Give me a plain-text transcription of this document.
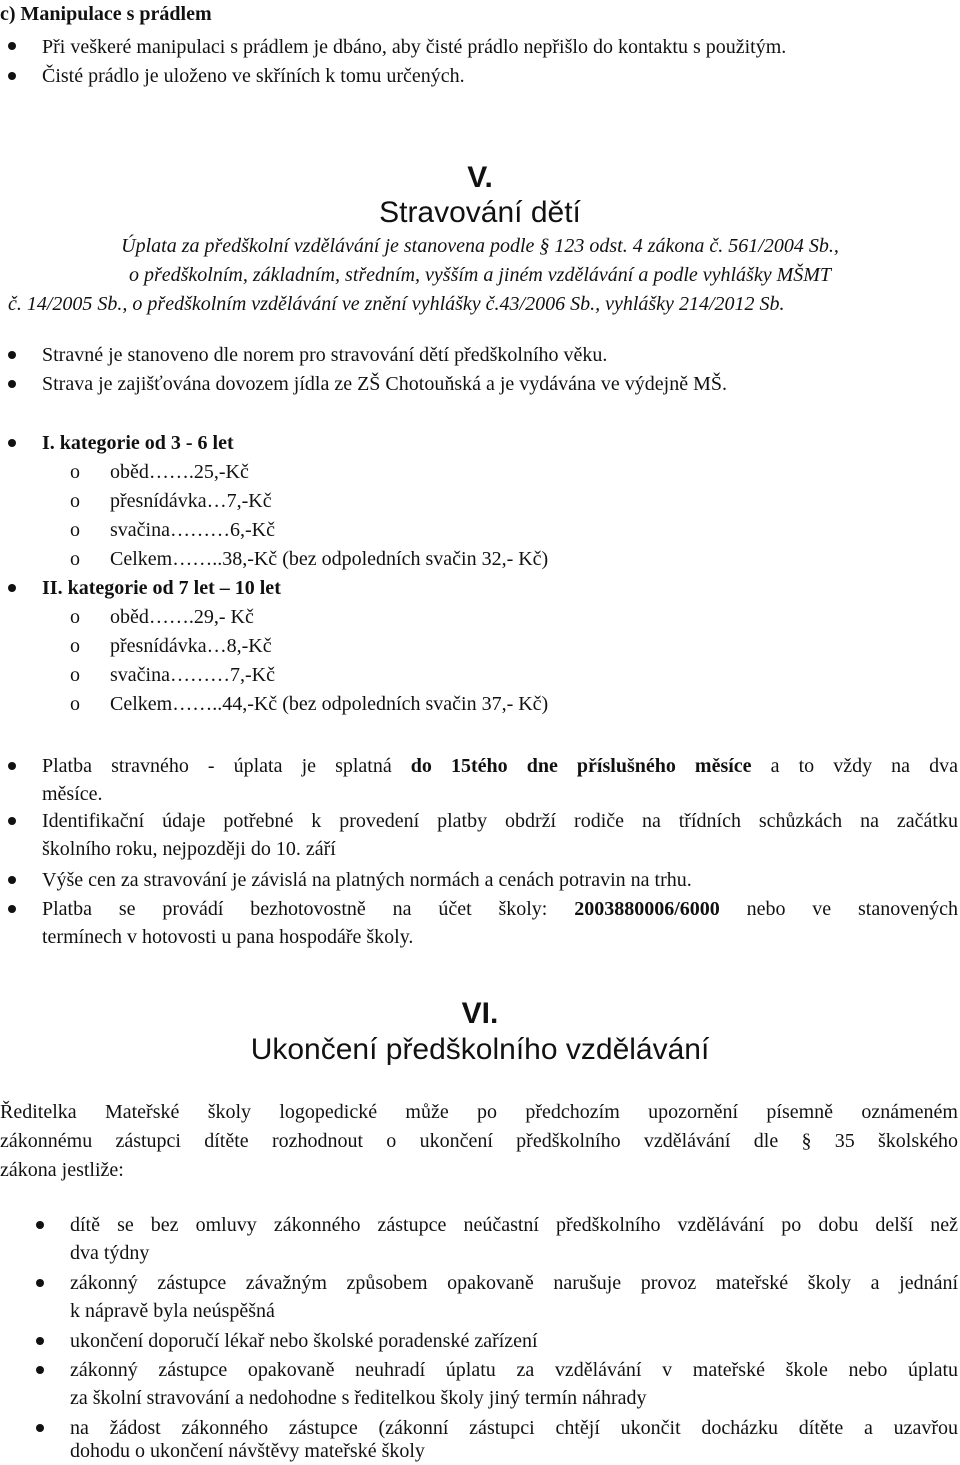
c) Manipulace s prádlem
Při veškeré manipulaci s prádlem je dbáno, aby čisté prádlo nepřišlo do kontaktu s použitým.
Čisté prádlo je uloženo ve skříních k tomu určených.
V.
Stravování dětí
Úplata za předškolní vzdělávání je stanovena podle § 123 odst. 4 zákona č. 561/2004 Sb.,
o předškolním, základním, středním, vyšším a jiném vzdělávání a podle vyhlášky MŠMT
č. 14/2005 Sb., o předškolním vzdělávání ve znění vyhlášky č.43/2006 Sb., vyhlášky 214/2012 Sb.
Stravné je stanoveno dle norem pro stravování dětí předškolního věku.
Strava je zajišťována dovozem jídla ze ZŠ Chotouňská a je vydávána ve výdejně MŠ.
I. kategorie od 3 - 6 let
o oběd…….25,-Kč
o přesnídávka…7,-Kč
o svačina………6,-Kč
o Celkem……..38,-Kč (bez odpoledních svačin 32,- Kč)
II. kategorie od 7 let – 10 let
o oběd…….29,- Kč
o přesnídávka…8,-Kč
o svačina………7,-Kč
o Celkem……..44,-Kč (bez odpoledních svačin 37,- Kč)
Platba stravného - úplata je splatná do 15tého dne příslušného měsíce a to vždy na dva
měsíce.
Identifikační údaje potřebné k provedení platby obdrží rodiče na třídních schůzkách na začátku
školního roku, nejpozději do 10. září
Výše cen za stravování je závislá na platných normách a cenách potravin na trhu.
Platba se provádí bezhotovostně na účet školy: 2003880006/6000 nebo ve stanovených
termínech v hotovosti u pana hospodáře školy.
VI.
Ukončení předškolního vzdělávání
Ředitelka Mateřské školy logopedické může po předchozím upozornění písemně oznámeném
zákonnému zástupci dítěte rozhodnout o ukončení předškolního vzdělávání dle § 35 školského
zákona jestliže:
dítě se bez omluvy zákonného zástupce neúčastní předškolního vzdělávání po dobu delší než
dva týdny
zákonný zástupce závažným způsobem opakovaně narušuje provoz mateřské školy a jednání
k nápravě byla neúspěšná
ukončení doporučí lékař nebo školské poradenské zařízení
zákonný zástupce opakovaně neuhradí úplatu za vzdělávání v mateřské škole nebo úplatu
za školní stravování a nedohodne s ředitelkou školy jiný termín náhrady
na žádost zákonného zástupce (zákonní zástupci chtějí ukončit docházku dítěte a uzavřou
dohodu o ukončení návštěvy mateřské školy
